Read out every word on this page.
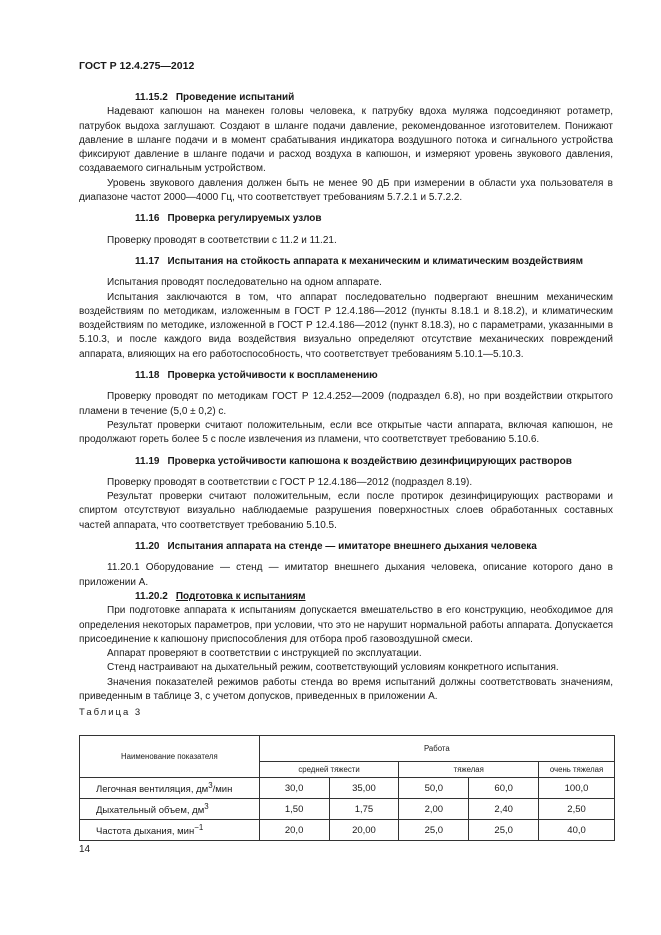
ГОСТ Р 12.4.275—2012

11.15.2 Проведение испытаний

Надевают капюшон на манекен головы человека, к патрубку вдоха муляжа подсоединяют ротаметр, патрубок выдоха заглушают. Создают в шланге подачи давление, рекомендованное изготовителем. Понижают давление в шланге подачи и в момент срабатывания индикатора воздушного потока и сигнального устройства фиксируют давление в шланге подачи и расход воздуха в капюшон, и измеряют уровень звукового давления, создаваемого сигнальным устройством.

Уровень звукового давления должен быть не менее 90 дБ при измерении в области уха пользователя в диапазоне частот 2000—4000 Гц, что соответствует требованиям 5.7.2.1 и 5.7.2.2.

11.16 Проверка регулируемых узлов

Проверку проводят в соответствии с 11.2 и 11.21.

11.17 Испытания на стойкость аппарата к механическим и климатическим воздействиям

Испытания проводят последовательно на одном аппарате.

Испытания заключаются в том, что аппарат последовательно подвергают внешним механическим воздействиям по методикам, изложенным в ГОСТ Р 12.4.186—2012 (пункты 8.18.1 и 8.18.2), и климатическим воздействиям по методике, изложенной в ГОСТ Р 12.4.186—2012 (пункт 8.18.3), но с параметрами, указанными в 5.10.3, и после каждого вида воздействия визуально определяют отсутствие механических повреждений аппарата, влияющих на его работоспособность, что соответствует требованиям 5.10.1—5.10.3.

11.18 Проверка устойчивости к воспламенению

Проверку проводят по методикам ГОСТ Р 12.4.252—2009 (подраздел 6.8), но при воздействии открытого пламени в течение (5,0 ± 0,2) с.

Результат проверки считают положительным, если все открытые части аппарата, включая капюшон, не продолжают гореть более 5 с после извлечения из пламени, что соответствует требованию 5.10.6.

11.19 Проверка устойчивости капюшона к воздействию дезинфицирующих растворов

Проверку проводят в соответствии с ГОСТ Р 12.4.186—2012 (подраздел 8.19).

Результат проверки считают положительным, если после протирок дезинфицирующих растворами и спиртом отсутствуют визуально наблюдаемые разрушения поверхностных слоев обработанных составных частей аппарата, что соответствует требованию 5.10.5.

11.20 Испытания аппарата на стенде — имитаторе внешнего дыхания человека

11.20.1 Оборудование — стенд — имитатор внешнего дыхания человека, описание которого дано в приложении А.

11.20.2 Подготовка к испытаниям

При подготовке аппарата к испытаниям допускается вмешательство в его конструкцию, необходимое для определения некоторых параметров, при условии, что это не нарушит нормальной работы аппарата. Допускается присоединение к капюшону приспособления для отбора проб газовоздушной смеси.

Аппарат проверяют в соответствии с инструкцией по эксплуатации.

Стенд настраивают на дыхательный режим, соответствующий условиям конкретного испытания.

Значения показателей режимов работы стенда во время испытаний должны соответствовать значениям, приведенным в таблице 3, с учетом допусков, приведенных в приложении А.

Таблица 3

Наименование показателя	Работа				
	средней тяжести		тяжелая		очень тяжелая
Легочная вентиляция, $дм^3$/мин	30,0	35,00	50,0	60,0	100,0
Дыхательный объем, $дм^3$	1,50	1,75	2,00	2,40	2,50
Частота дыхания, мин$^{-1}$	20,0	20,00	25,0	25,0	40,0
14
